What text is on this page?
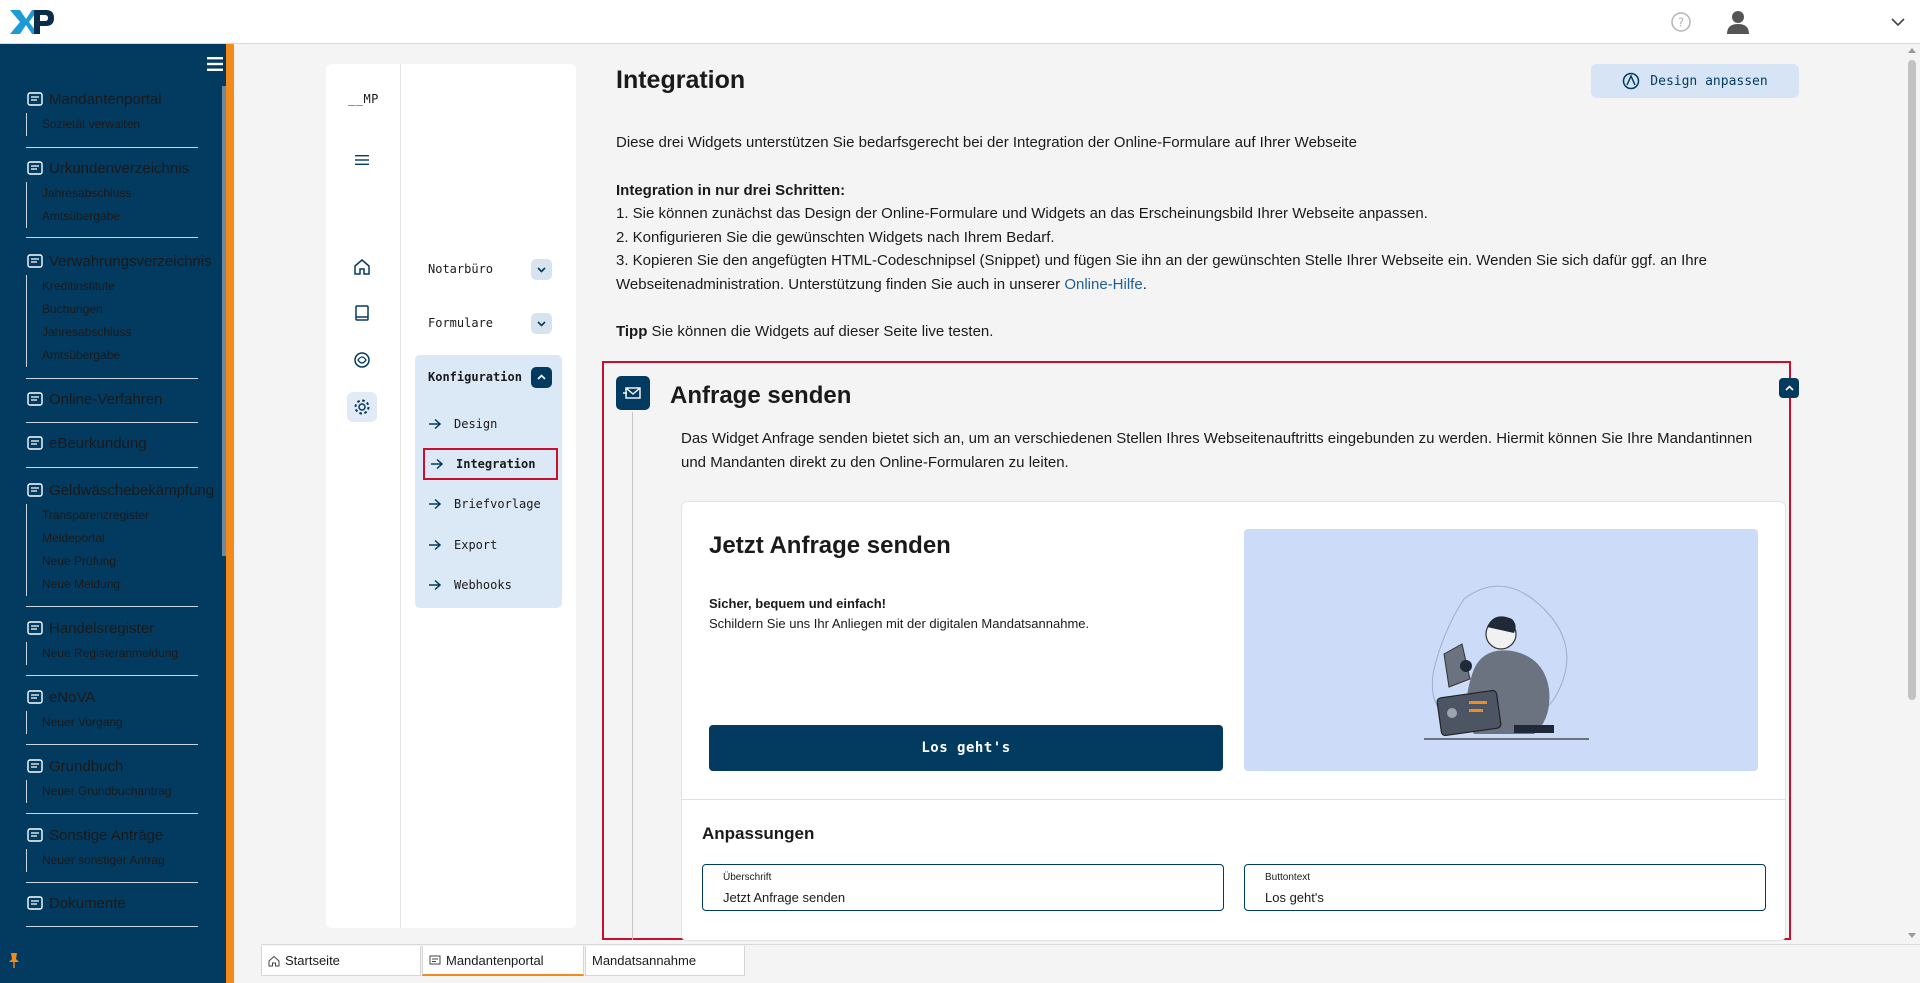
?
Mandantenportal
Sozietät verwalten
Urkundenverzeichnis
Jahresabschluss
Amtsübergabe
Verwahrungsverzeichnis
Kreditinstitute
Buchungen
Jahresabschluss
Amtsübergabe
Online-Verfahren
eBeurkundung
Geldwäschebekämpfung
Transparenzregister
Meldeportal
Neue Prüfung
Neue Meldung
Handelsregister
Neue Registeranmeldung
eNoVA
Neuer Vorgang
Grundbuch
Neuer Grundbuchantrag
Sonstige Anträge
Neuer sonstiger Antrag
Dokumente
__MP
Notarbüro
Formulare
Konfiguration
Design
Integration
Briefvorlage
Export
Webhooks
Integration	Design anpassen
Diese drei Widgets unterstützen Sie bedarfsgerecht bei der Integration der Online-Formulare auf Ihrer Webseite
Integration in nur drei Schritten:
1. Sie können zunächst das Design der Online-Formulare und Widgets an das Erscheinungsbild Ihrer Webseite anpassen.
2. Konfigurieren Sie die gewünschten Widgets nach Ihrem Bedarf.
3. Kopieren Sie den angefügten HTML-Codeschnipsel (Snippet) und fügen Sie ihn an der gewünschten Stelle Ihrer Webseite ein. Wenden Sie sich dafür ggf. an Ihre
Webseitenadministration. Unterstützung finden Sie auch in unserer Online-Hilfe.
Tipp Sie können die Widgets auf dieser Seite live testen.
Anfrage senden
Das Widget Anfrage senden bietet sich an, um an verschiedenen Stellen Ihres Webseitenauftritts eingebunden zu werden. Hiermit können Sie Ihre Mandantinnen und Mandanten direkt zu den Online-Formularen zu leiten.
Jetzt Anfrage senden
Sicher, bequem und einfach!
Schildern Sie uns Ihr Anliegen mit der digitalen Mandatsannahme.
Los geht's
Anpassungen
Überschrift
Jetzt Anfrage senden
Buttontext
Los geht's
Startseite	Mandantenportal	Mandatsannahme
